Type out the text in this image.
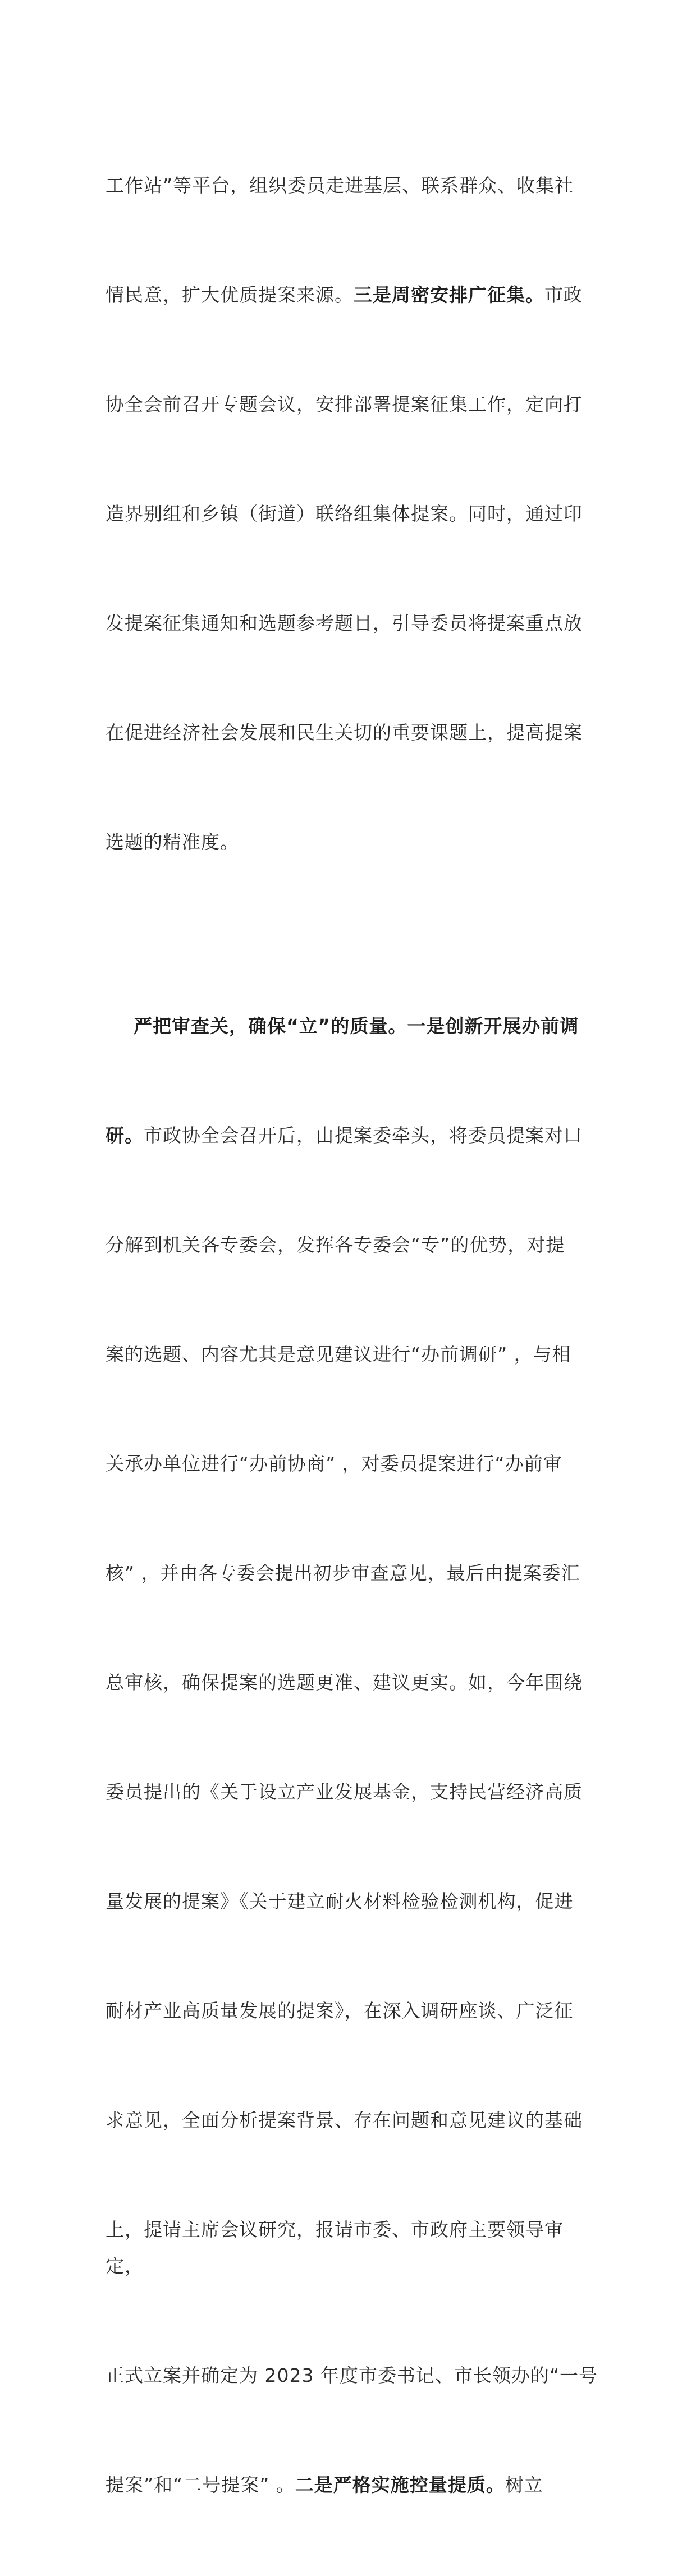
工作站”等平台，组织委员走进基层、联系群众、收集社

情民意，扩大优质提案来源。三是周密安排广征集。市政

协全会前召开专题会议，安排部署提案征集工作，定向打

造界别组和乡镇（街道）联络组集体提案。同时，通过印

发提案征集通知和选题参考题目，引导委员将提案重点放

在促进经济社会发展和民生关切的重要课题上，提高提案

选题的精准度。

严把审查关，确保“立”的质量。一是创新开展办前调

研。市政协全会召开后，由提案委牵头，将委员提案对口

分解到机关各专委会，发挥各专委会“专”的优势，对提

案的选题、内容尤其是意见建议进行“办前调研” ，与相

关承办单位进行“办前协商” ，对委员提案进行“办前审

核” ，并由各专委会提出初步审查意见，最后由提案委汇

总审核，确保提案的选题更准、建议更实。如，今年围绕

委员提出的《关于设立产业发展基金，支持民营经济高质

量发展的提案》《关于建立耐火材料检验检测机构，促进

耐材产业高质量发展的提案》，在深入调研座谈、广泛征

求意见，全面分析提案背景、存在问题和意见建议的基础

上，提请主席会议研究，报请市委、市政府主要领导审定，

正式立案并确定为 2023 年度市委书记、市长领办的“一号

提案”和“二号提案” 。二是严格实施控量提质。树立
